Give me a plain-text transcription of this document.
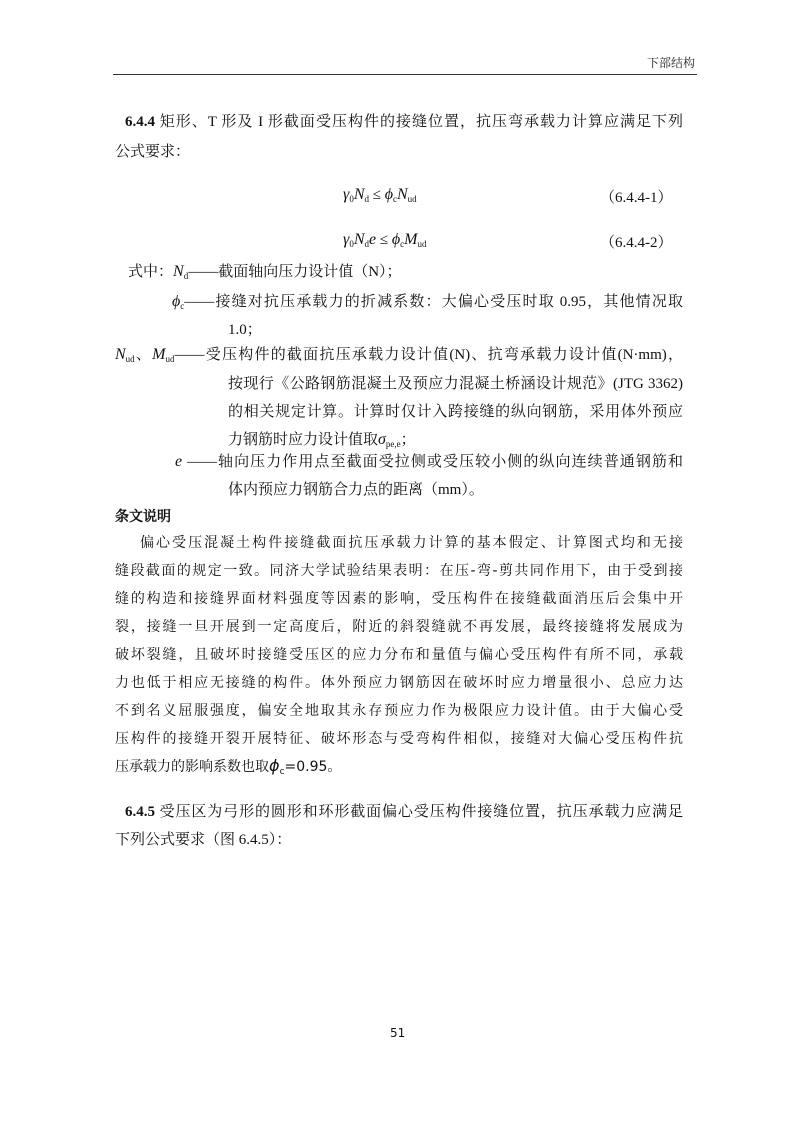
下部结构
6.4.4 矩形、T 形及 I 形截面受压构件的接缝位置，抗压弯承载力计算应满足下列
公式要求：
$\gamma_0N_d \le \phi_cN_{ud}$	（6.4.4-1）
$\gamma_0N_de \le \phi_cM_{ud}$	（6.4.4-2）
式中：$N_d——$截面轴向压力设计值（N）；
$\phi_c——$接缝对抗压承载力的折减系数：大偏心受压时取 0.95，其他情况取
1.0；
$N_{ud}$、$M_{ud}——$受压构件的截面抗压承载力设计值(N)、抗弯承载力设计值(N·mm)，
按现行《公路钢筋混凝土及预应力混凝土桥涵设计规范》(JTG 3362)
的相关规定计算。计算时仅计入跨接缝的纵向钢筋，采用体外预应
力钢筋时应力设计值取$\sigma_{pe,e}$；
e ——轴向压力作用点至截面受拉侧或受压较小侧的纵向连续普通钢筋和
体内预应力钢筋合力点的距离（mm）。
条文说明
偏心受压混凝土构件接缝截面抗压承载力计算的基本假定、计算图式均和无接
缝段截面的规定一致。同济大学试验结果表明：在压-弯-剪共同作用下，由于受到接
缝的构造和接缝界面材料强度等因素的影响，受压构件在接缝截面消压后会集中开
裂，接缝一旦开展到一定高度后，附近的斜裂缝就不再发展，最终接缝将发展成为
破坏裂缝，且破坏时接缝受压区的应力分布和量值与偏心受压构件有所不同，承载
力也低于相应无接缝的构件。体外预应力钢筋因在破坏时应力增量很小、总应力达
不到名义屈服强度，偏安全地取其永存预应力作为极限应力设计值。由于大偏心受
压构件的接缝开裂开展特征、破坏形态与受弯构件相似，接缝对大偏心受压构件抗
压承载力的影响系数也取$\phi_c=0.95$。
6.4.5 受压区为弓形的圆形和环形截面偏心受压构件接缝位置，抗压承载力应满足
下列公式要求（图 6.4.5）：
51
